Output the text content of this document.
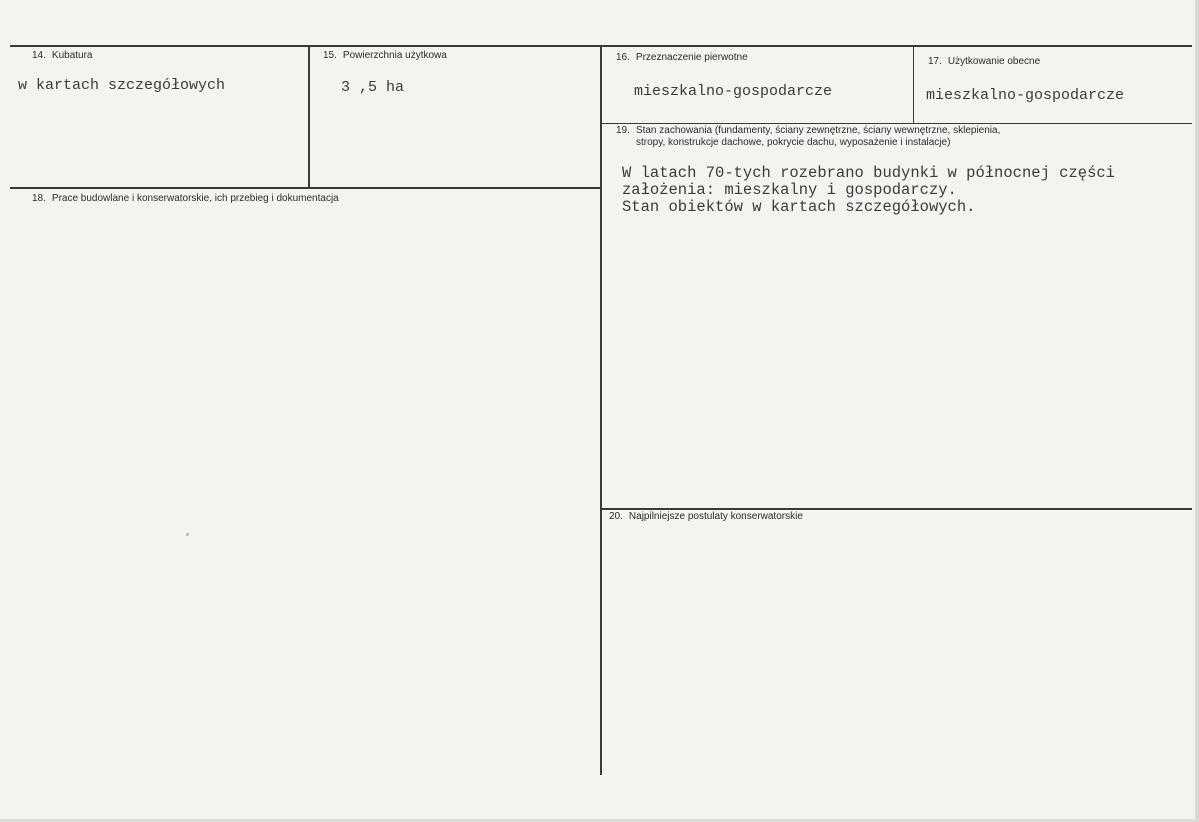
14. Kubatura
w kartach szczegółowych
15. Powierzchnia użytkowa
3 ,5 ha
16. Przeznaczenie pierwotne
mieszkalno-gospodarcze
17. Użytkowanie obecne
mieszkalno-gospodarcze
18. Prace budowlane i konserwatorskie, ich przebieg i dokumentacja
19. Stan zachowania (fundamenty, ściany zewnętrzne, ściany wewnętrzne, sklepienia,
stropy, konstrukcje dachowe, pokrycie dachu, wyposażenie i instalacje)
W latach 70-tych rozebrano budynki w północnej części
założenia: mieszkalny i gospodarczy.
Stan obiektów w kartach szczegółowych.
20. Najpilniejsze postulaty konserwatorskie
